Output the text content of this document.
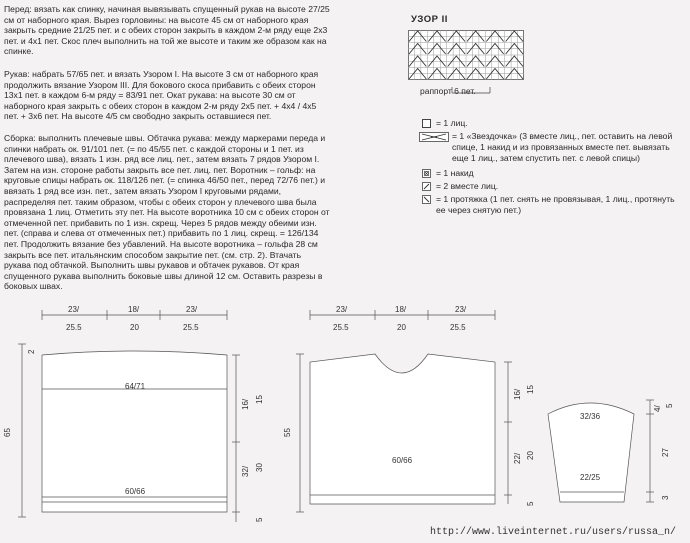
Перед: вязать как спинку, начиная вывязывать спущенный рукав на высоте 27/25 см от наборного края. Вырез горловины: на высоте 45 см от наборного края закрыть средние 21/25 пет. и с обеих сторон закрыть в каждом 2-м ряду еще 2х3 пет. и 4х1 пет. Скос плеч выполнить на той же высоте и таким же образом как на спинке.

Рукав: набрать 57/65 пет. и вязать Узором I. На высоте 3 см от наборного края продолжить вязание Узором III. Для бокового скоса прибавить с обеих сторон 13х1 пет. в каждом 6-м ряду = 83/91 пет. Окат рукава: на высоте 30 см от наборного края закрыть с обеих сторон в каждом 2-м ряду 2х5 пет. + 4х4 / 4х5 пет. + 3х6 пет. На высоте 4/5 см свободно закрыть оставшиеся пет.

Сборка: выполнить плечевые швы. Обтачка рукава: между маркерами переда и спинки набрать ок. 91/101 пет. (= по 45/55 пет. с каждой стороны и 1 пет. из плечевого шва), вязать 1 изн. ряд все лиц. пет., затем вязать 7 рядов Узором I. Затем на изн. стороне работы закрыть все пет. лиц. пет. Воротник – гольф: на круговые спицы набрать ок. 118/126 пет. (= спинка 46/50 пет., перед 72/76 пет.) и ввязать 1 ряд все изн. пет., затем вязать Узором I круговыми рядами, распределяя пет. таким образом, чтобы с обеих сторон у плечевого шва была провязана 1 лиц. Отметить эту пет. На высоте воротника 10 см с обеих сторон от отмеченной пет. прибавить по 1 изн. скрещ. Через 5 рядов между обеими изн. пет. (справа и слева от отмеченных пет.) прибавить по 1 лиц. скрещ. = 126/134 пет. Продолжить вязание без убавлений. На высоте воротника – гольфа 28 см закрыть все пет. итальянским способом закрытие пет. (см. стр. 2). Втачать рукава под обтачкой. Выполнить швы рукавов и обтачек рукавов. От края спущенного рукава выполнить боковые швы длиной 12 см. Оставить разрезы в боковых швах.

УЗОР II
раппорт 6 пет.
= 1 лиц.
= 1 «Звездочка» (3 вместе лиц., пет. оставить на левой спице, 1 накид и из провязанных вместе пет. вывязать еще 1 лиц., затем спустить пет. с левой спицы)
= 1 накид
= 2 вместе лиц.
= 1 протяжка (1 пет. снять не провязывая, 1 лиц., протянуть ее через снятую пет.)
23/	18/	23/
25.5	20	25.5
64/71
60/66
65
2
16/ 15
32/ 30
5
23/	18/	23/
25.5	20	25.5
60/66
55
16/ 15
22/ 20
5
32/36
22/25
4/ 5
27
3
http://www.liveinternet.ru/users/russa_n/
